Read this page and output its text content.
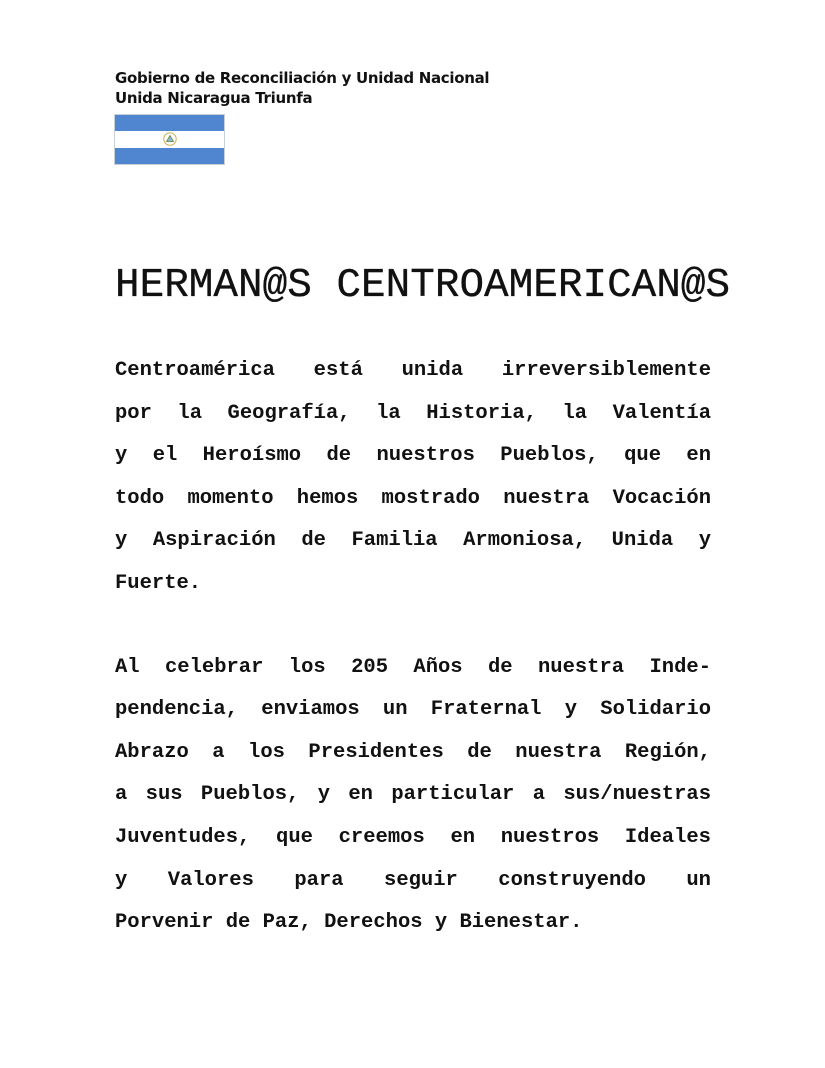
Gobierno de Reconciliación y Unidad Nacional
Unida Nicaragua Triunfa
HERMAN@S CENTROAMERICAN@S
Centroamérica está unida irreversiblemente
por la Geografía, la Historia, la Valentía
y el Heroísmo de nuestros Pueblos, que en
todo momento hemos mostrado nuestra Vocación
y Aspiración de Familia Armoniosa, Unida y
Fuerte.
Al celebrar los 205 Años de nuestra Inde-
pendencia, enviamos un Fraternal y Solidario
Abrazo a los Presidentes de nuestra Región,
a sus Pueblos, y en particular a sus/nuestras
Juventudes, que creemos en nuestros Ideales
y Valores para seguir construyendo un
Porvenir de Paz, Derechos y Bienestar.
